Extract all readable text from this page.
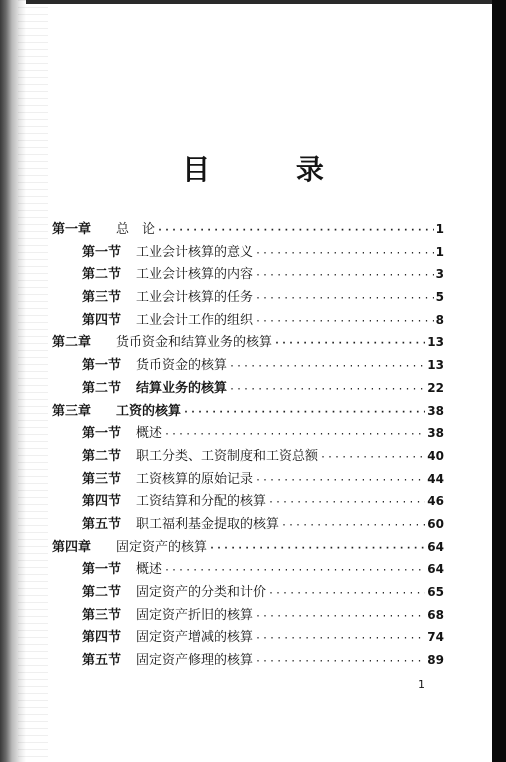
目 录
第一章	总　论 ·····	1
第一节	工业会计核算的意义 ·····	1
第二节	工业会计核算的内容 ·····	3
第三节	工业会计核算的任务 ·····	5
第四节	工业会计工作的组织 ·····	8
第二章	货币资金和结算业务的核算 ·····	13
第一节	货币资金的核算 ·····	13
第二节	结算业务的核算 ·····	22
第三章	工资的核算 ·····	38
第一节	概述 ·····	38
第二节	职工分类、工资制度和工资总额 ·····	40
第三节	工资核算的原始记录 ·····	44
第四节	工资结算和分配的核算 ·····	46
第五节	职工福利基金提取的核算 ·····	60
第四章	固定资产的核算 ·····	64
第一节	概述 ·····	64
第二节	固定资产的分类和计价 ·····	65
第三节	固定资产折旧的核算 ·····	68
第四节	固定资产增减的核算 ·····	74
第五节	固定资产修理的核算 ·····	89
1
